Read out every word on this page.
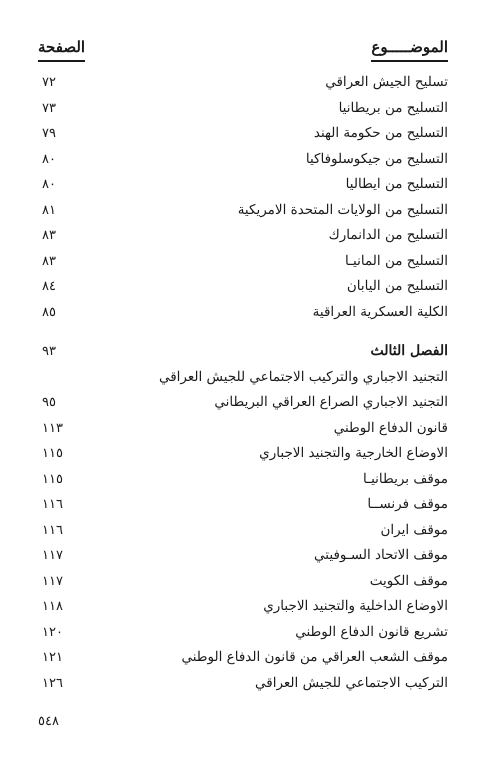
الموضـــــوع
الصفحة
تسليح الجيش العراقي
٧٢
التسليح من بريطانيا
٧٣
التسليح من حكومة الهند
٧٩
التسليح من جيكوسلوفاكيا
٨٠
التسليح من ايطاليا
٨٠
التسليح من الولايات المتحدة الامريكية
٨١
التسليح من الدانمارك
٨٣
التسليح من المانيـا
٨٣
التسليح من اليابان
٨٤
الكلية العسكرية العراقية
٨٥
الفصل الثالث
٩٣
التجنيد الاجباري والتركيب الاجتماعي للجيش العراقي
التجنيد الاجباري الصراع العراقي البريطاني
٩٥
قانون الدفاع الوطني
١١٣
الاوضاع الخارجية والتجنيد الاجباري
١١٥
موقف بريطانيـا
١١٥
موقف فرنســا
١١٦
موقف ايران
١١٦
موقف الاتحاد السـوفيتي
١١٧
موقف الكويت
١١٧
الاوضاع الداخلية والتجنيد الاجباري
١١٨
تشريع قانون الدفاع الوطني
١٢٠
موقف الشعب العراقي من قانون الدفاع الوطني
١٢١
التركيب الاجتماعي للجيش العراقي
١٢٦
٥٤٨
